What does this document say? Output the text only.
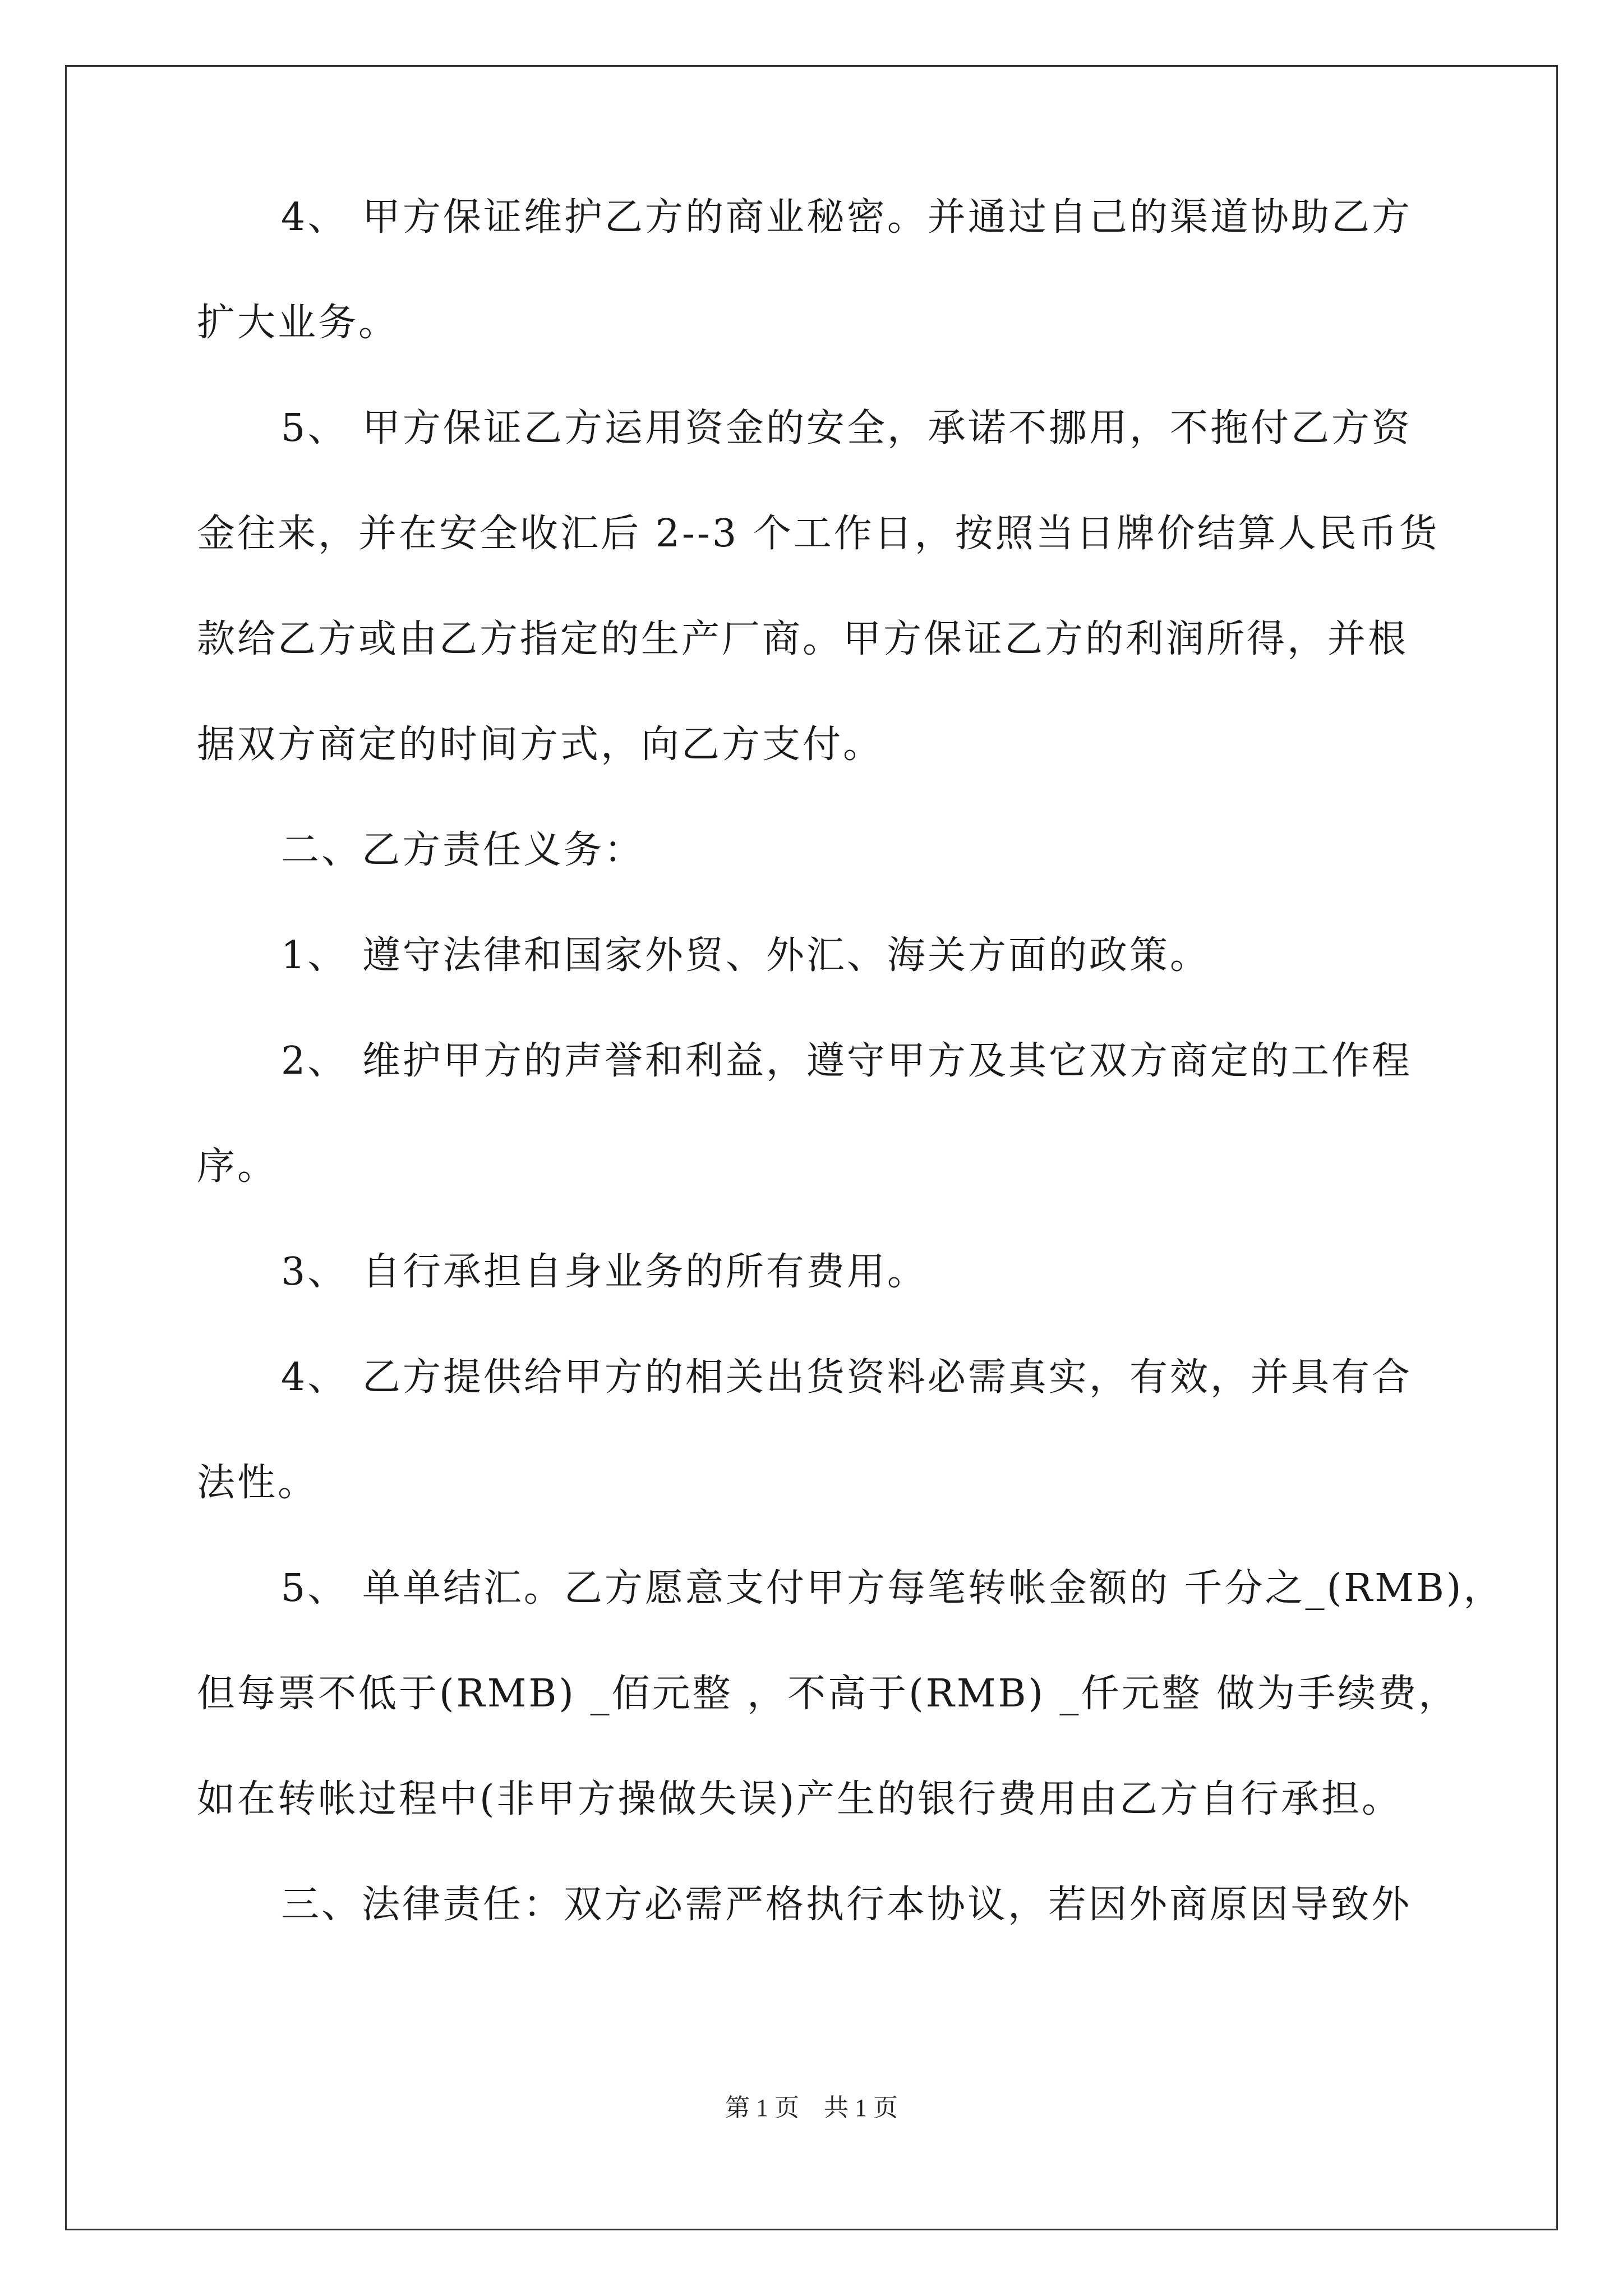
4、 甲方保证维护乙方的商业秘密。并通过自己的渠道协助乙方
扩大业务。
5、 甲方保证乙方运用资金的安全，承诺不挪用，不拖付乙方资
金往来，并在安全收汇后 2--3 个工作日，按照当日牌价结算人民币货
款给乙方或由乙方指定的生产厂商。甲方保证乙方的利润所得，并根
据双方商定的时间方式，向乙方支付。
二、乙方责任义务：
1、 遵守法律和国家外贸、外汇、海关方面的政策。
2、 维护甲方的声誉和利益，遵守甲方及其它双方商定的工作程
序。
3、 自行承担自身业务的所有费用。
4、 乙方提供给甲方的相关出货资料必需真实，有效，并具有合
法性。
5、 单单结汇。乙方愿意支付甲方每笔转帐金额的 千分之_(RMB)，
但每票不低于(RMB) _佰元整 ，不高于(RMB) _仟元整 做为手续费，
如在转帐过程中(非甲方操做失误)产生的银行费用由乙方自行承担。
三、法律责任：双方必需严格执行本协议，若因外商原因导致外
第 1 页　共 1 页
